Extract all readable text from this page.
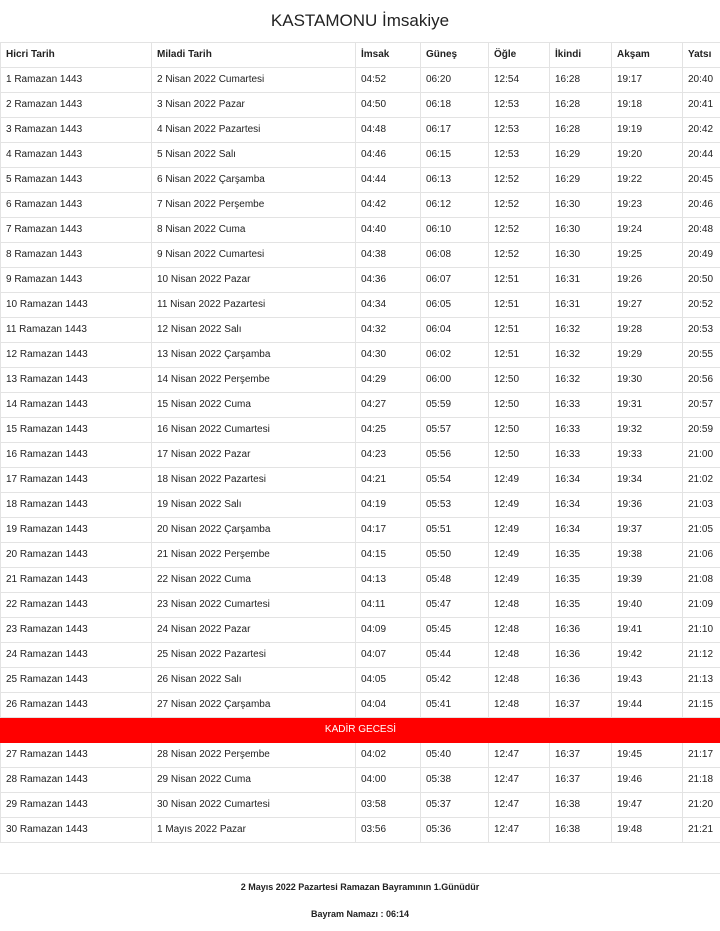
KASTAMONU İmsakiye
Hicri Tarih	Miladi Tarih	İmsak	Güneş	Öğle	İkindi	Akşam	Yatsı
1 Ramazan 1443	2 Nisan 2022 Cumartesi	04:52	06:20	12:54	16:28	19:17	20:40
2 Ramazan 1443	3 Nisan 2022 Pazar	04:50	06:18	12:53	16:28	19:18	20:41
3 Ramazan 1443	4 Nisan 2022 Pazartesi	04:48	06:17	12:53	16:28	19:19	20:42
4 Ramazan 1443	5 Nisan 2022 Salı	04:46	06:15	12:53	16:29	19:20	20:44
5 Ramazan 1443	6 Nisan 2022 Çarşamba	04:44	06:13	12:52	16:29	19:22	20:45
6 Ramazan 1443	7 Nisan 2022 Perşembe	04:42	06:12	12:52	16:30	19:23	20:46
7 Ramazan 1443	8 Nisan 2022 Cuma	04:40	06:10	12:52	16:30	19:24	20:48
8 Ramazan 1443	9 Nisan 2022 Cumartesi	04:38	06:08	12:52	16:30	19:25	20:49
9 Ramazan 1443	10 Nisan 2022 Pazar	04:36	06:07	12:51	16:31	19:26	20:50
10 Ramazan 1443	11 Nisan 2022 Pazartesi	04:34	06:05	12:51	16:31	19:27	20:52
11 Ramazan 1443	12 Nisan 2022 Salı	04:32	06:04	12:51	16:32	19:28	20:53
12 Ramazan 1443	13 Nisan 2022 Çarşamba	04:30	06:02	12:51	16:32	19:29	20:55
13 Ramazan 1443	14 Nisan 2022 Perşembe	04:29	06:00	12:50	16:32	19:30	20:56
14 Ramazan 1443	15 Nisan 2022 Cuma	04:27	05:59	12:50	16:33	19:31	20:57
15 Ramazan 1443	16 Nisan 2022 Cumartesi	04:25	05:57	12:50	16:33	19:32	20:59
16 Ramazan 1443	17 Nisan 2022 Pazar	04:23	05:56	12:50	16:33	19:33	21:00
17 Ramazan 1443	18 Nisan 2022 Pazartesi	04:21	05:54	12:49	16:34	19:34	21:02
18 Ramazan 1443	19 Nisan 2022 Salı	04:19	05:53	12:49	16:34	19:36	21:03
19 Ramazan 1443	20 Nisan 2022 Çarşamba	04:17	05:51	12:49	16:34	19:37	21:05
20 Ramazan 1443	21 Nisan 2022 Perşembe	04:15	05:50	12:49	16:35	19:38	21:06
21 Ramazan 1443	22 Nisan 2022 Cuma	04:13	05:48	12:49	16:35	19:39	21:08
22 Ramazan 1443	23 Nisan 2022 Cumartesi	04:11	05:47	12:48	16:35	19:40	21:09
23 Ramazan 1443	24 Nisan 2022 Pazar	04:09	05:45	12:48	16:36	19:41	21:10
24 Ramazan 1443	25 Nisan 2022 Pazartesi	04:07	05:44	12:48	16:36	19:42	21:12
25 Ramazan 1443	26 Nisan 2022 Salı	04:05	05:42	12:48	16:36	19:43	21:13
26 Ramazan 1443	27 Nisan 2022 Çarşamba	04:04	05:41	12:48	16:37	19:44	21:15
KADİR GECESİ							
27 Ramazan 1443	28 Nisan 2022 Perşembe	04:02	05:40	12:47	16:37	19:45	21:17
28 Ramazan 1443	29 Nisan 2022 Cuma	04:00	05:38	12:47	16:37	19:46	21:18
29 Ramazan 1443	30 Nisan 2022 Cumartesi	03:58	05:37	12:47	16:38	19:47	21:20
30 Ramazan 1443	1 Mayıs 2022 Pazar	03:56	05:36	12:47	16:38	19:48	21:21
2 Mayıs 2022 Pazartesi Ramazan Bayramının 1.Günüdür
Bayram Namazı : 06:14
